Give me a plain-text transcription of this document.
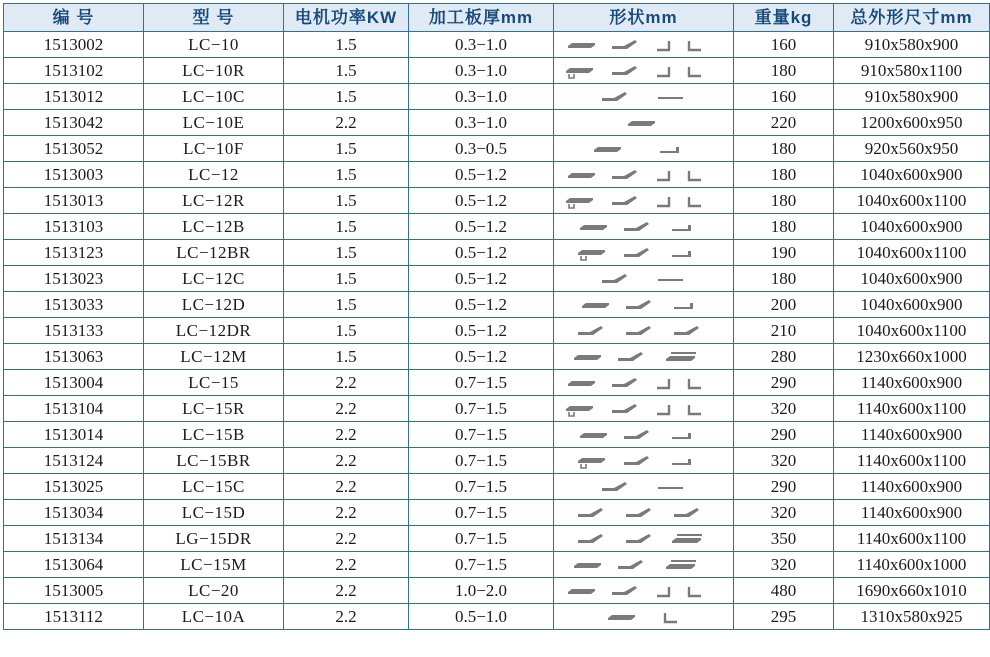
编 号	型 号	电机功率KW	加工板厚mm	形状mm	重量kg	总外形尺寸mm
1513002	LC−10	1.5	0.3−1.0		160	910x580x900
1513102	LC−10R	1.5	0.3−1.0		180	910x580x1100
1513012	LC−10C	1.5	0.3−1.0		160	910x580x900
1513042	LC−10E	2.2	0.3−1.0		220	1200x600x950
1513052	LC−10F	1.5	0.3−0.5		180	920x560x950
1513003	LC−12	1.5	0.5−1.2		180	1040x600x900
1513013	LC−12R	1.5	0.5−1.2		180	1040x600x1100
1513103	LC−12B	1.5	0.5−1.2		180	1040x600x900
1513123	LC−12BR	1.5	0.5−1.2		190	1040x600x1100
1513023	LC−12C	1.5	0.5−1.2		180	1040x600x900
1513033	LC−12D	1.5	0.5−1.2		200	1040x600x900
1513133	LC−12DR	1.5	0.5−1.2		210	1040x600x1100
1513063	LC−12M	1.5	0.5−1.2		280	1230x660x1000
1513004	LC−15	2.2	0.7−1.5		290	1140x600x900
1513104	LC−15R	2.2	0.7−1.5		320	1140x600x1100
1513014	LC−15B	2.2	0.7−1.5		290	1140x600x900
1513124	LC−15BR	2.2	0.7−1.5		320	1140x600x1100
1513025	LC−15C	2.2	0.7−1.5		290	1140x600x900
1513034	LC−15D	2.2	0.7−1.5		320	1140x600x900
1513134	LG−15DR	2.2	0.7−1.5		350	1140x600x1100
1513064	LC−15M	2.2	0.7−1.5		320	1140x600x1000
1513005	LC−20	2.2	1.0−2.0		480	1690x660x1010
1513112	LC−10A	2.2	0.5−1.0		295	1310x580x925
